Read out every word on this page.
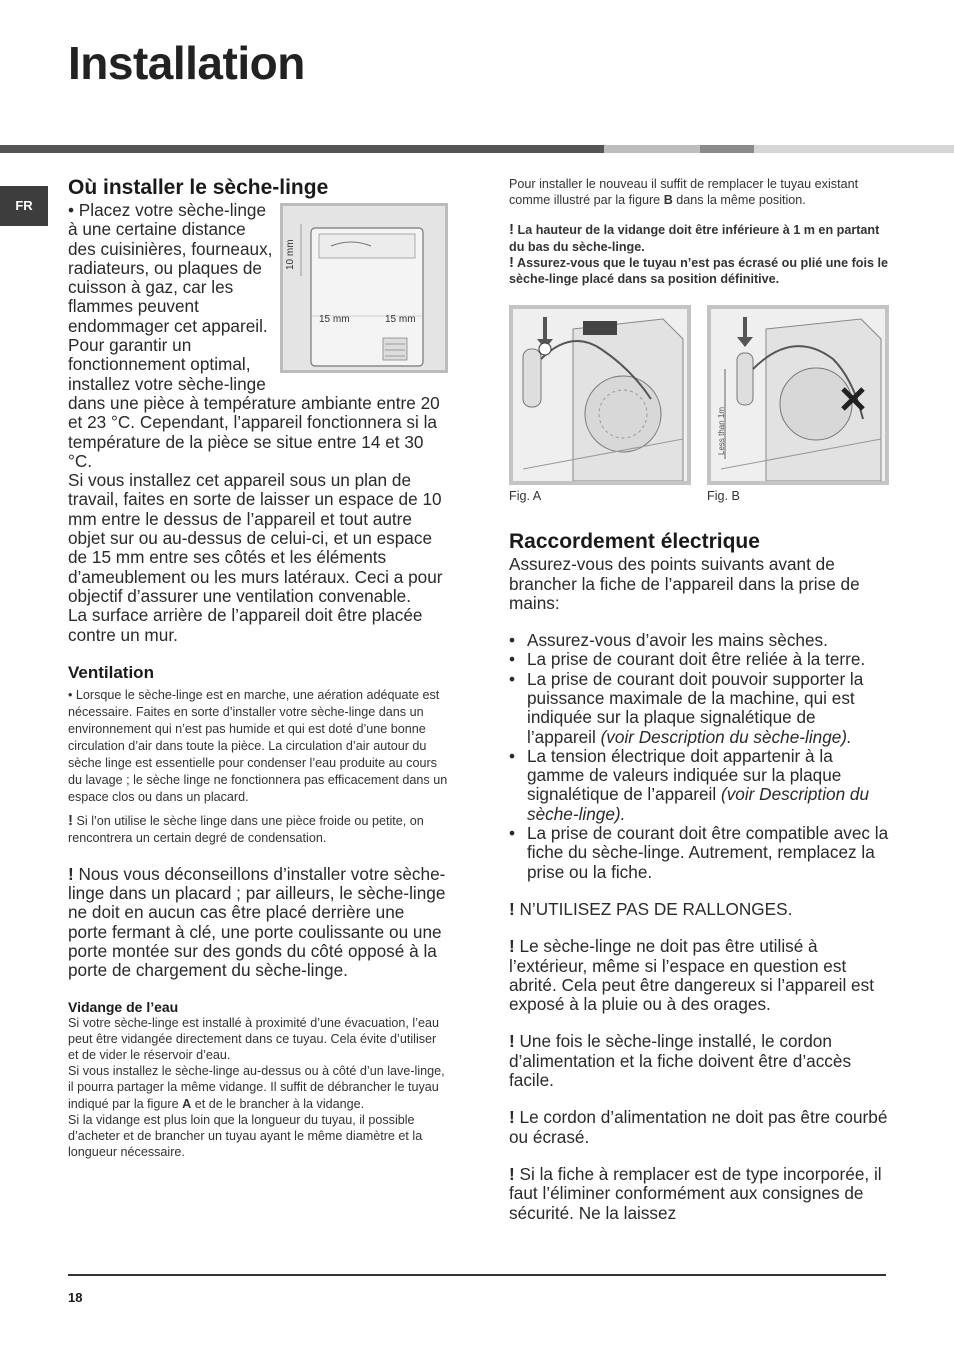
Installation
FR
Où installer le sèche-linge
10 mm
15 mm	15 mm

• Placez votre sèche-linge à une certaine distance des cuisinières, fourneaux, radiateurs, ou plaques de cuisson à gaz, car les flammes peuvent endommager cet appareil. Pour garantir un fonctionnement optimal, installez votre sèche-linge dans une pièce à température ambiante entre 20 et 23 °C. Cependant, l’appareil fonctionnera si la température de la pièce se situe entre 14 et 30 °C.

Si vous installez cet appareil sous un plan de travail, faites en sorte de laisser un espace de 10 mm entre le dessus de l’appareil et tout autre objet sur ou au-dessus de celui-ci, et un espace de 15 mm entre ses côtés et les éléments d’ameublement ou les murs latéraux. Ceci a pour objectif d’assurer une ventilation convenable.

La surface arrière de l’appareil doit être placée contre un mur.

Ventilation

• Lorsque le sèche-linge est en marche, une aération adéquate est nécessaire. Faites en sorte d’installer votre sèche-linge dans un environnement qui n’est pas humide et qui est doté d’une bonne circulation d’air dans toute la pièce. La circulation d’air autour du sèche linge est essentielle pour condenser l’eau produite au cours du lavage ; le sèche linge ne fonctionnera pas efficacement dans un espace clos ou dans un placard.

! Si l’on utilise le sèche linge dans une pièce froide ou petite, on rencontrera un certain degré de condensation.

! Nous vous déconseillons d’installer votre sèche-linge dans un placard ; par ailleurs, le sèche-linge ne doit en aucun cas être placé derrière une porte fermant à clé, une porte coulissante ou une porte montée sur des gonds du côté opposé à la porte de chargement du sèche-linge.

Vidange de l’eau

Si votre sèche-linge est installé à proximité d’une évacuation, l’eau peut être vidangée directement dans ce tuyau. Cela évite d’utiliser et de vider le réservoir d’eau.

Si vous installez le sèche-linge au-dessus ou à côté d’un lave-linge, il pourra partager la même vidange. Il suffit de débrancher le tuyau indiqué par la figure A et de le brancher à la vidange.

Si la vidange est plus loin que la longueur du tuyau, il possible d’acheter et de brancher un tuyau ayant le même diamètre et la longueur nécessaire.

Pour installer le nouveau il suffit de remplacer le tuyau existant comme illustré par la figure B dans la même position.

! La hauteur de la vidange doit être inférieure à 1 m en partant du bas du sèche-linge.

! Assurez-vous que le tuyau n’est pas écrasé ou plié une fois le sèche-linge placé dans sa position définitive.

Less than 1m
Fig. A	Fig. B
Raccordement électrique

Assurez-vous des points suivants avant de brancher la fiche de l’appareil dans la prise de mains:

• Assurez-vous d’avoir les mains sèches.
• La prise de courant doit être reliée à la terre.
• La prise de courant doit pouvoir supporter la puissance maximale de la machine, qui est indiquée sur la plaque signalétique de l’appareil (voir Description du sèche-linge).
• La tension électrique doit appartenir à la gamme de valeurs indiquée sur la plaque signalétique de l’appareil (voir Description du sèche-linge).
• La prise de courant doit être compatible avec la fiche du sèche-linge. Autrement, remplacez la prise ou la fiche.

! N’UTILISEZ PAS DE RALLONGES.

! Le sèche-linge ne doit pas être utilisé à l’extérieur, même si l’espace en question est abrité. Cela peut être dangereux si l’appareil est exposé à la pluie ou à des orages.

! Une fois le sèche-linge installé, le cordon d’alimentation et la fiche doivent être d’accès facile.

! Le cordon d’alimentation ne doit pas être courbé ou écrasé.

! Si la fiche à remplacer est de type incorporée, il faut l’éliminer conformément aux consignes de sécurité. Ne la laissez

18
